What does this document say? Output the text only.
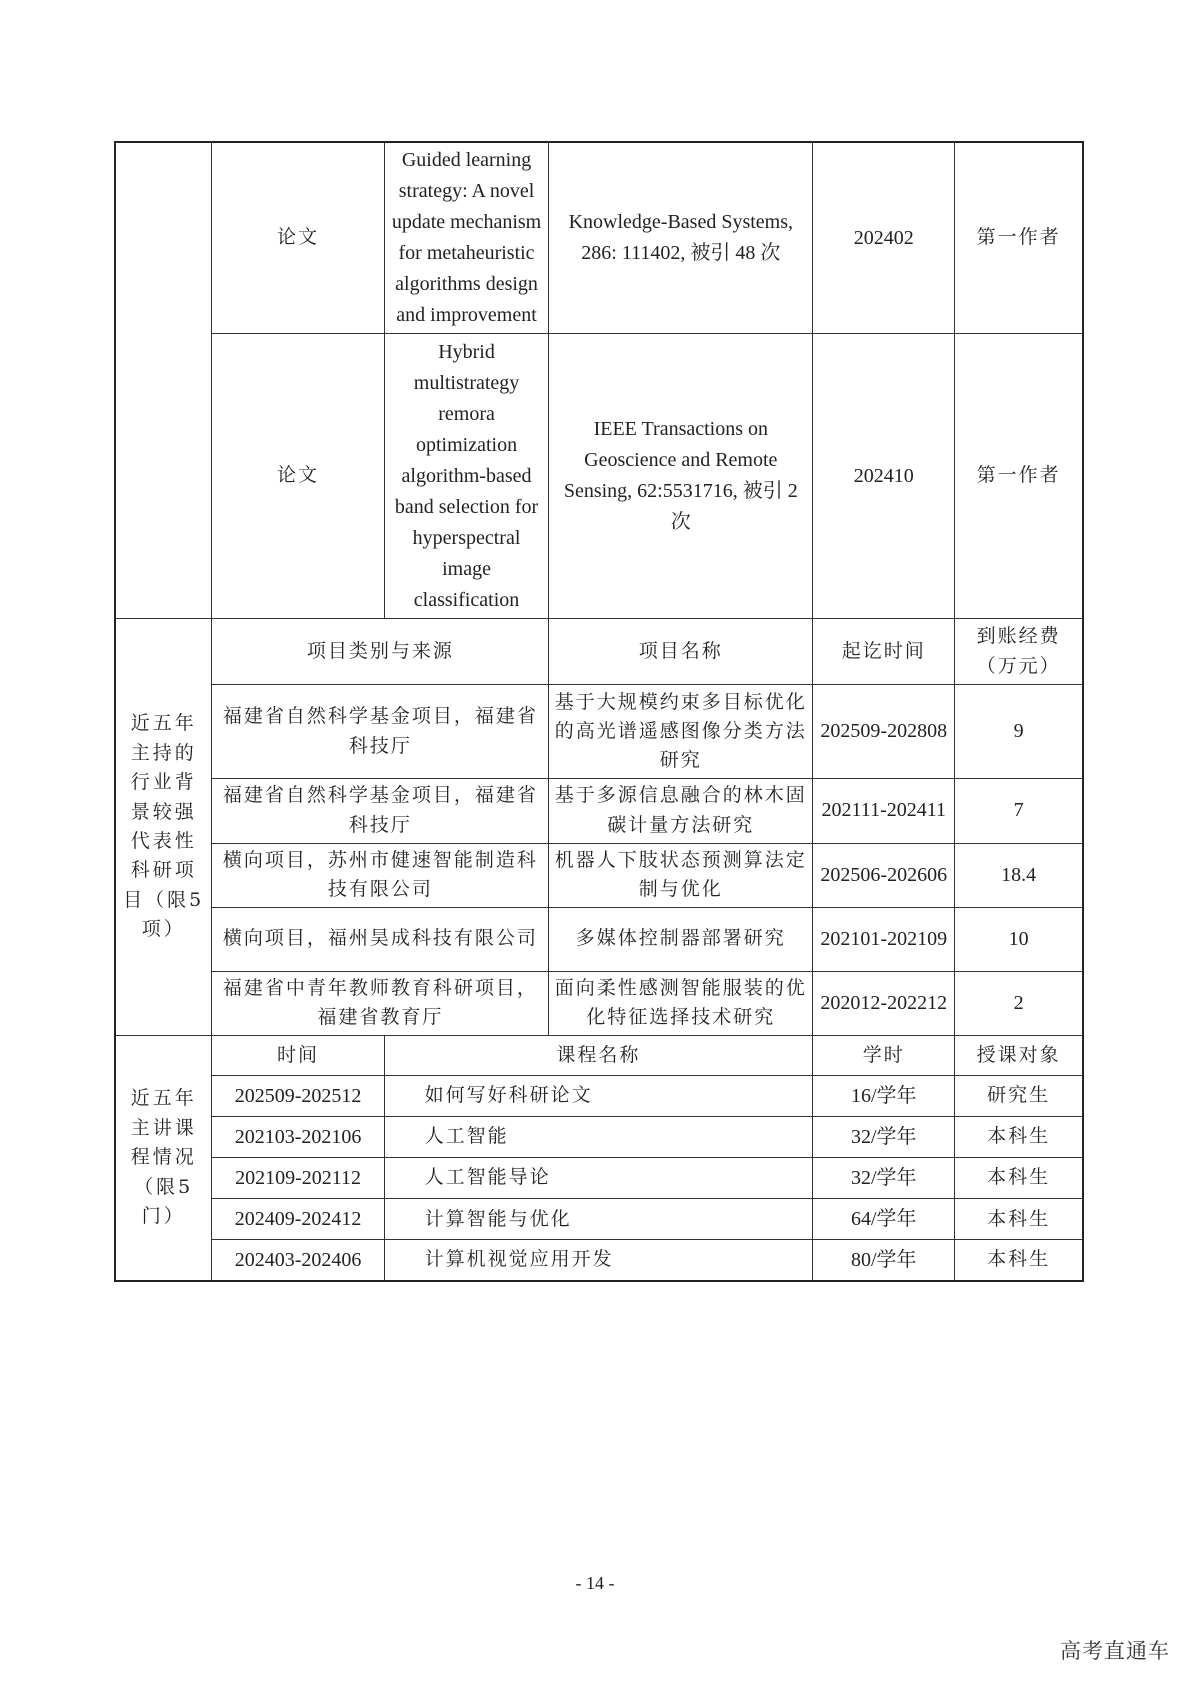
	论文	Guided learning strategy: A novel update mechanism for metaheuristic algorithms design and improvement	Knowledge-Based Systems, 286: 111402, 被引 48 次	202402	第一作者
	论文	Hybrid multistrategy remora optimization algorithm-based band selection for hyperspectral image classification	IEEE Transactions on Geoscience and Remote Sensing, 62:5531716, 被引 2 次	202410	第一作者
近五年主持的行业背景较强代表性科研项目（限5项）	项目类别与来源		项目名称	起讫时间	到账经费（万元）
	福建省自然科学基金项目，福建省科技厅		基于大规模约束多目标优化的高光谱遥感图像分类方法研究	202509-202808	9
	福建省自然科学基金项目，福建省科技厅		基于多源信息融合的林木固碳计量方法研究	202111-202411	7
	横向项目，苏州市健速智能制造科技有限公司		机器人下肢状态预测算法定制与优化	202506-202606	18.4
	横向项目，福州昊成科技有限公司		多媒体控制器部署研究	202101-202109	10
	福建省中青年教师教育科研项目，福建省教育厅		面向柔性感测智能服装的优化特征选择技术研究	202012-202212	2
近五年主讲课程情况（限5门）	时间	课程名称		学时	授课对象
	202509-202512	如何写好科研论文		16/学年	研究生
	202103-202106	人工智能		32/学年	本科生
	202109-202112	人工智能导论		32/学年	本科生
	202409-202412	计算智能与优化		64/学年	本科生
	202403-202406	计算机视觉应用开发		80/学年	本科生
- 14 -
高考直通车
